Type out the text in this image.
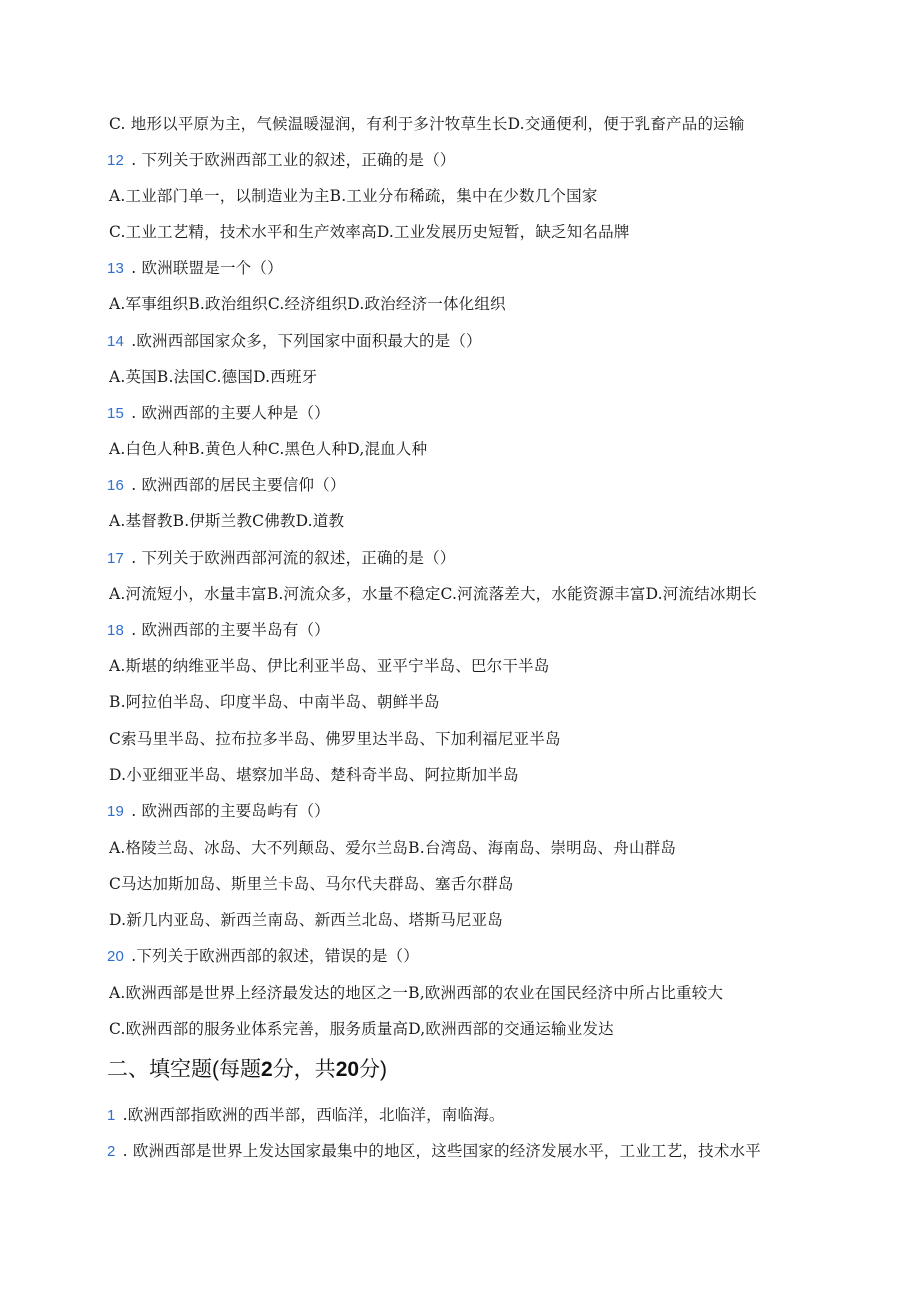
C. 地形以平原为主，气候温暖湿润，有利于多汁牧草生长D.交通便利，便于乳畜产品的运输
12 . 下列关于欧洲西部工业的叙述，正确的是（）
A.工业部门单一，以制造业为主B.工业分布稀疏，集中在少数几个国家
C.工业工艺精，技术水平和生产效率高D.工业发展历史短暂，缺乏知名品牌
13 . 欧洲联盟是一个（）
A.军事组织B.政治组织C.经济组织D.政治经济一体化组织
14 .欧洲西部国家众多，下列国家中面积最大的是（）
A.英国B.法国C.德国D.西班牙
15 . 欧洲西部的主要人种是（）
A.白色人种B.黄色人种C.黑色人种D,混血人种
16 . 欧洲西部的居民主要信仰（）
A.基督教B.伊斯兰教C佛教D.道教
17 . 下列关于欧洲西部河流的叙述，正确的是（）
A.河流短小，水量丰富B.河流众多，水量不稳定C.河流落差大，水能资源丰富D.河流结冰期长
18 . 欧洲西部的主要半岛有（）
A.斯堪的纳维亚半岛、伊比利亚半岛、亚平宁半岛、巴尔干半岛
B.阿拉伯半岛、印度半岛、中南半岛、朝鲜半岛
C索马里半岛、拉布拉多半岛、佛罗里达半岛、下加利福尼亚半岛
D.小亚细亚半岛、堪察加半岛、楚科奇半岛、阿拉斯加半岛
19 . 欧洲西部的主要岛屿有（）
A.格陵兰岛、冰岛、大不列颠岛、爱尔兰岛B.台湾岛、海南岛、崇明岛、舟山群岛
C马达加斯加岛、斯里兰卡岛、马尔代夫群岛、塞舌尔群岛
D.新几内亚岛、新西兰南岛、新西兰北岛、塔斯马尼亚岛
20 .下列关于欧洲西部的叙述，错误的是（）
A.欧洲西部是世界上经济最发达的地区之一B,欧洲西部的农业在国民经济中所占比重较大
C.欧洲西部的服务业体系完善，服务质量高D,欧洲西部的交通运输业发达
二、填空题(每题2分，共20分)
1 .欧洲西部指欧洲的西半部，西临洋，北临洋，南临海。
2 . 欧洲西部是世界上发达国家最集中的地区，这些国家的经济发展水平，工业工艺，技术水平
